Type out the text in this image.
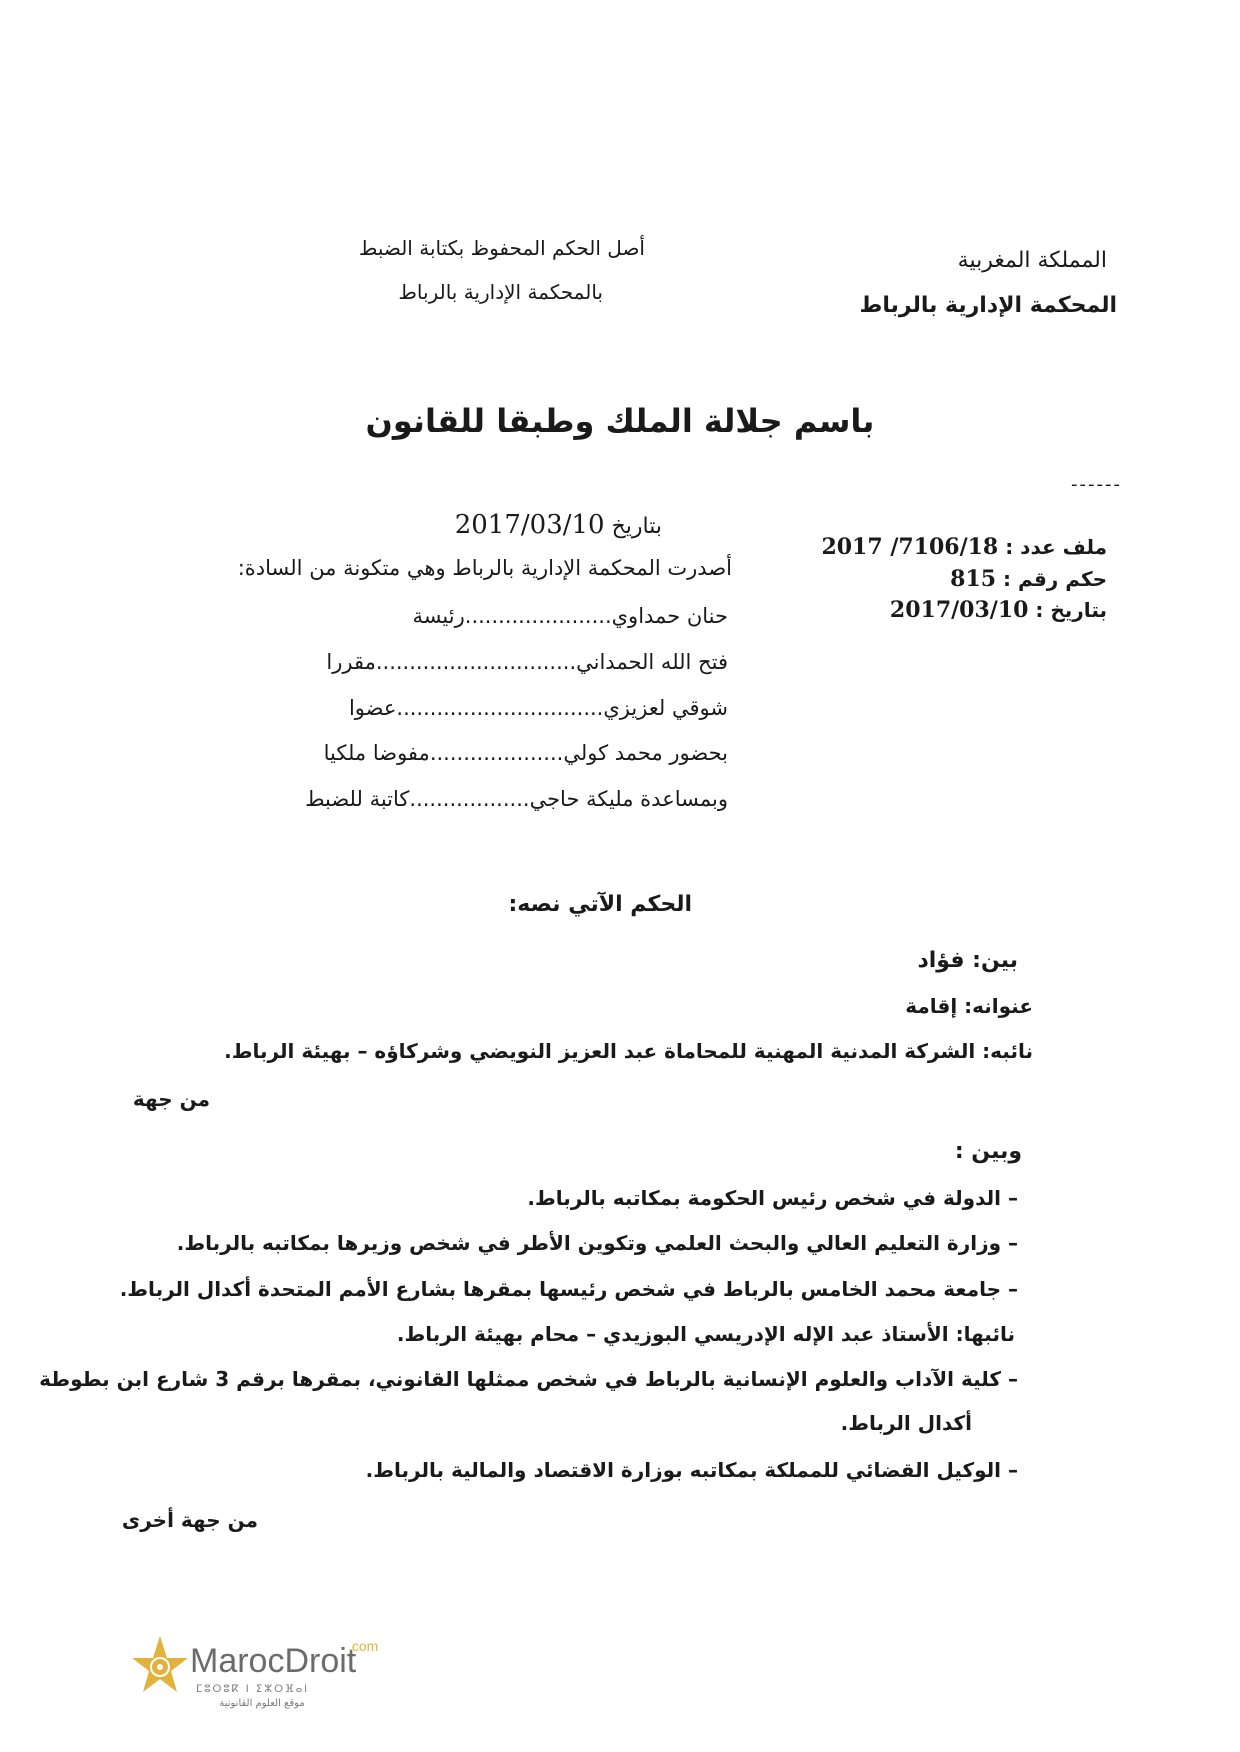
المملكة المغربية
المحكمة الإدارية بالرباط
أصل الحكم المحفوظ بكتابة الضبط
بالمحكمة الإدارية بالرباط
باسم جلالة الملك وطبقا للقانون
------
بتاريخ 2017/03/10
أصدرت المحكمة الإدارية بالرباط وهي متكونة من السادة:
ملف عدد : 2017 /7106/18
حكم رقم : 815
بتاريخ : 2017/03/10
حنان حمداوي......................رئيسة
فتح الله الحمداني..............................مقررا
شوقي لعزيزي...............................عضوا
بحضور محمد كولي....................مفوضا ملكيا
وبمساعدة مليكة حاجي..................كاتبة للضبط
الحكم الآتي نصه:
بين: فؤاد
عنوانه: إقامة
نائبه: الشركة المدنية المهنية للمحاماة عبد العزيز النويضي وشركاؤه – بهيئة الرباط.
من جهة
وبين :
– الدولة في شخص رئيس الحكومة بمكاتبه بالرباط.
– وزارة التعليم العالي والبحث العلمي وتكوين الأطر في شخص وزيرها بمكاتبه بالرباط.
– جامعة محمد الخامس بالرباط في شخص رئيسها بمقرها بشارع الأمم المتحدة أكدال الرباط.
نائبها: الأستاذ عبد الإله الإدريسي البوزيدي – محام بهيئة الرباط.
– كلية الآداب والعلوم الإنسانية بالرباط في شخص ممثلها القانوني، بمقرها برقم 3 شارع ابن بطوطة
أكدال الرباط.
– الوكيل القضائي للمملكة بمكاتبه بوزارة الاقتصاد والمالية بالرباط.
من جهة أخرى
MarocDroit
.com
ⵎⵓⵔⵓⴽ ⵏ ⵉⵣⵔⴼⴰⵏ
موقع العلوم القانونية
